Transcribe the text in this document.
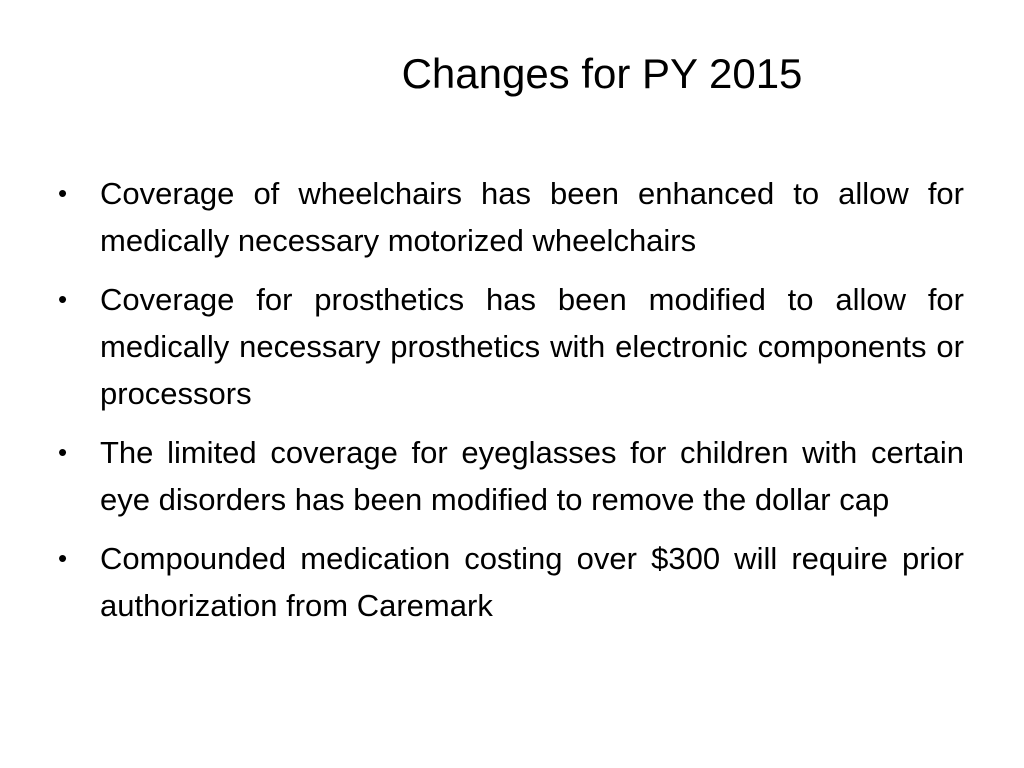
Changes for PY 2015
• Coverage of wheelchairs has been enhanced to allow for medically necessary motorized wheelchairs
• Coverage for prosthetics has been modified to allow for medically necessary prosthetics with electronic components or processors
• The limited coverage for eyeglasses for children with certain eye disorders has been modified to remove the dollar cap
• Compounded medication costing over $300 will require prior authorization from Caremark
